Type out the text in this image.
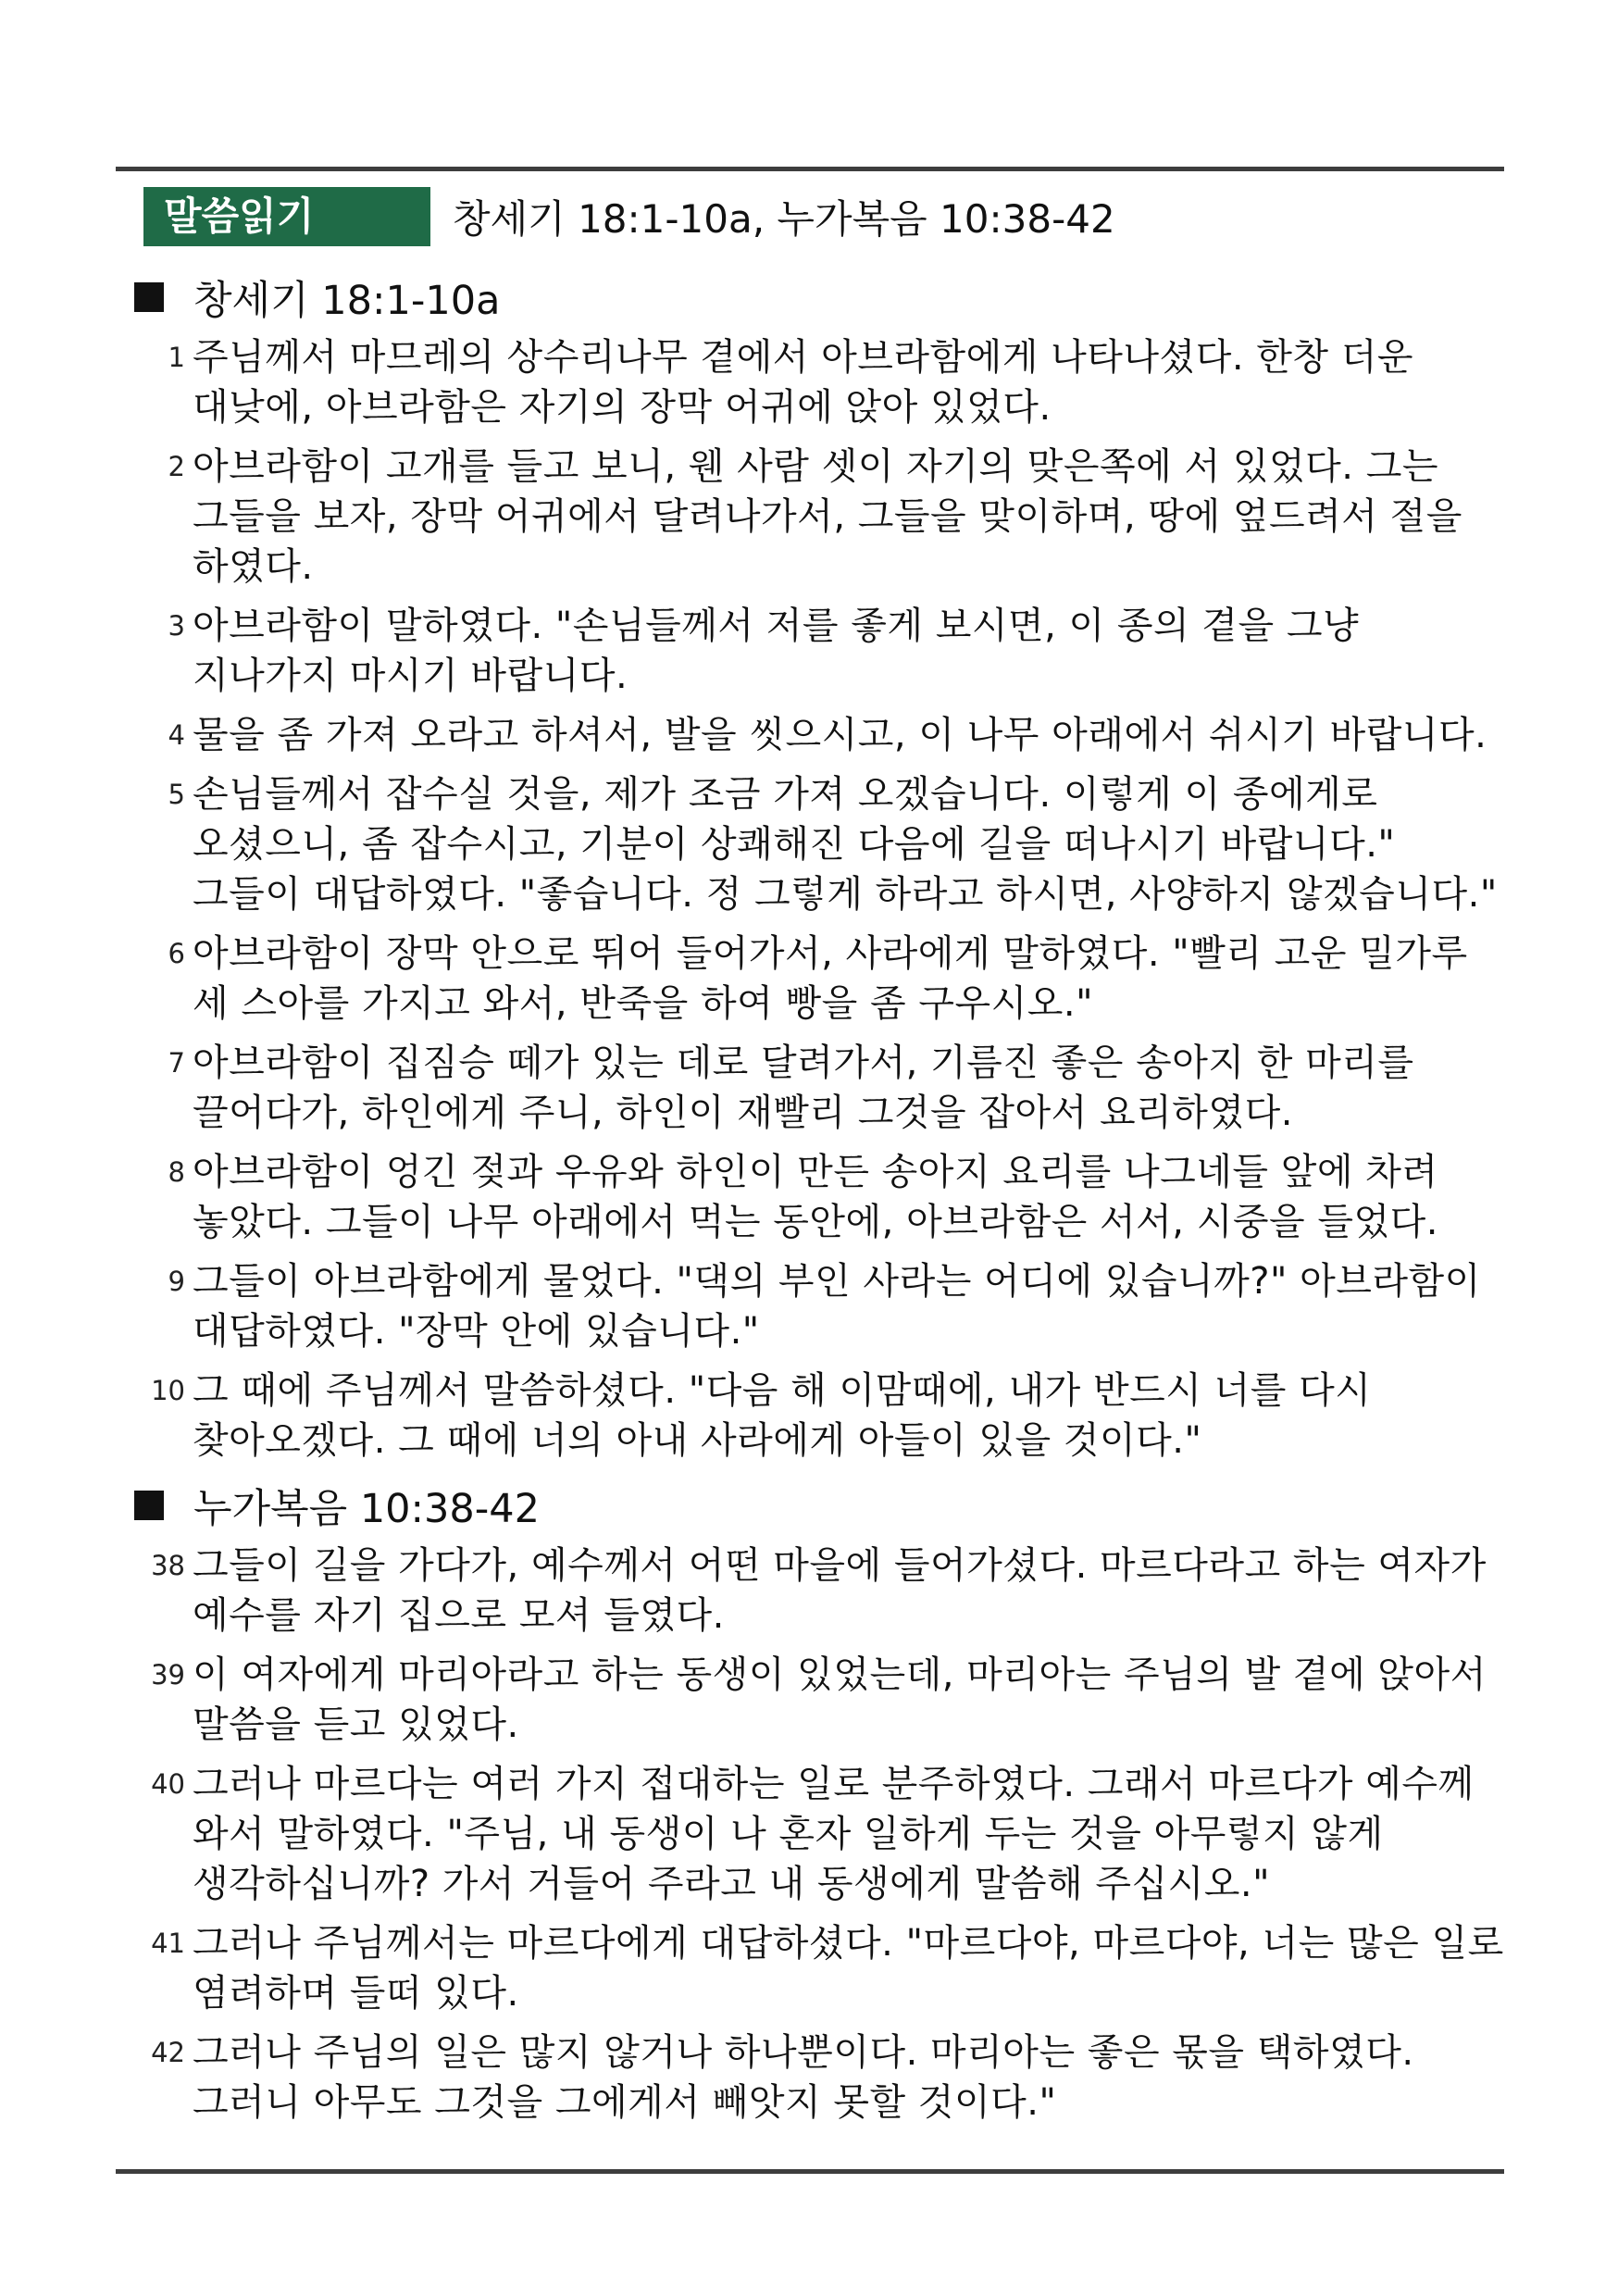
말씀읽기	창세기 18:1-10a, 누가복음 10:38-42
창세기 18:1-10a
1 주님께서 마므레의 상수리나무 곁에서 아브라함에게 나타나셨다. 한창 더운
대낮에, 아브라함은 자기의 장막 어귀에 앉아 있었다.
2 아브라함이 고개를 들고 보니, 웬 사람 셋이 자기의 맞은쪽에 서 있었다. 그는
그들을 보자, 장막 어귀에서 달려나가서, 그들을 맞이하며, 땅에 엎드려서 절을
하였다.
3 아브라함이 말하였다. "손님들께서 저를 좋게 보시면, 이 종의 곁을 그냥
지나가지 마시기 바랍니다.
4 물을 좀 가져 오라고 하셔서, 발을 씻으시고, 이 나무 아래에서 쉬시기 바랍니다.
5 손님들께서 잡수실 것을, 제가 조금 가져 오겠습니다. 이렇게 이 종에게로
오셨으니, 좀 잡수시고, 기분이 상쾌해진 다음에 길을 떠나시기 바랍니다."
그들이 대답하였다. "좋습니다. 정 그렇게 하라고 하시면, 사양하지 않겠습니다."
6 아브라함이 장막 안으로 뛰어 들어가서, 사라에게 말하였다. "빨리 고운 밀가루
세 스아를 가지고 와서, 반죽을 하여 빵을 좀 구우시오."
7 아브라함이 집짐승 떼가 있는 데로 달려가서, 기름진 좋은 송아지 한 마리를
끌어다가, 하인에게 주니, 하인이 재빨리 그것을 잡아서 요리하였다.
8 아브라함이 엉긴 젖과 우유와 하인이 만든 송아지 요리를 나그네들 앞에 차려
놓았다. 그들이 나무 아래에서 먹는 동안에, 아브라함은 서서, 시중을 들었다.
9 그들이 아브라함에게 물었다. "댁의 부인 사라는 어디에 있습니까?" 아브라함이
대답하였다. "장막 안에 있습니다."
10 그 때에 주님께서 말씀하셨다. "다음 해 이맘때에, 내가 반드시 너를 다시
찾아오겠다. 그 때에 너의 아내 사라에게 아들이 있을 것이다."
누가복음 10:38-42
38 그들이 길을 가다가, 예수께서 어떤 마을에 들어가셨다. 마르다라고 하는 여자가
예수를 자기 집으로 모셔 들였다.
39 이 여자에게 마리아라고 하는 동생이 있었는데, 마리아는 주님의 발 곁에 앉아서
말씀을 듣고 있었다.
40 그러나 마르다는 여러 가지 접대하는 일로 분주하였다. 그래서 마르다가 예수께
와서 말하였다. "주님, 내 동생이 나 혼자 일하게 두는 것을 아무렇지 않게
생각하십니까? 가서 거들어 주라고 내 동생에게 말씀해 주십시오."
41 그러나 주님께서는 마르다에게 대답하셨다. "마르다야, 마르다야, 너는 많은 일로
염려하며 들떠 있다.
42 그러나 주님의 일은 많지 않거나 하나뿐이다. 마리아는 좋은 몫을 택하였다.
그러니 아무도 그것을 그에게서 빼앗지 못할 것이다."
